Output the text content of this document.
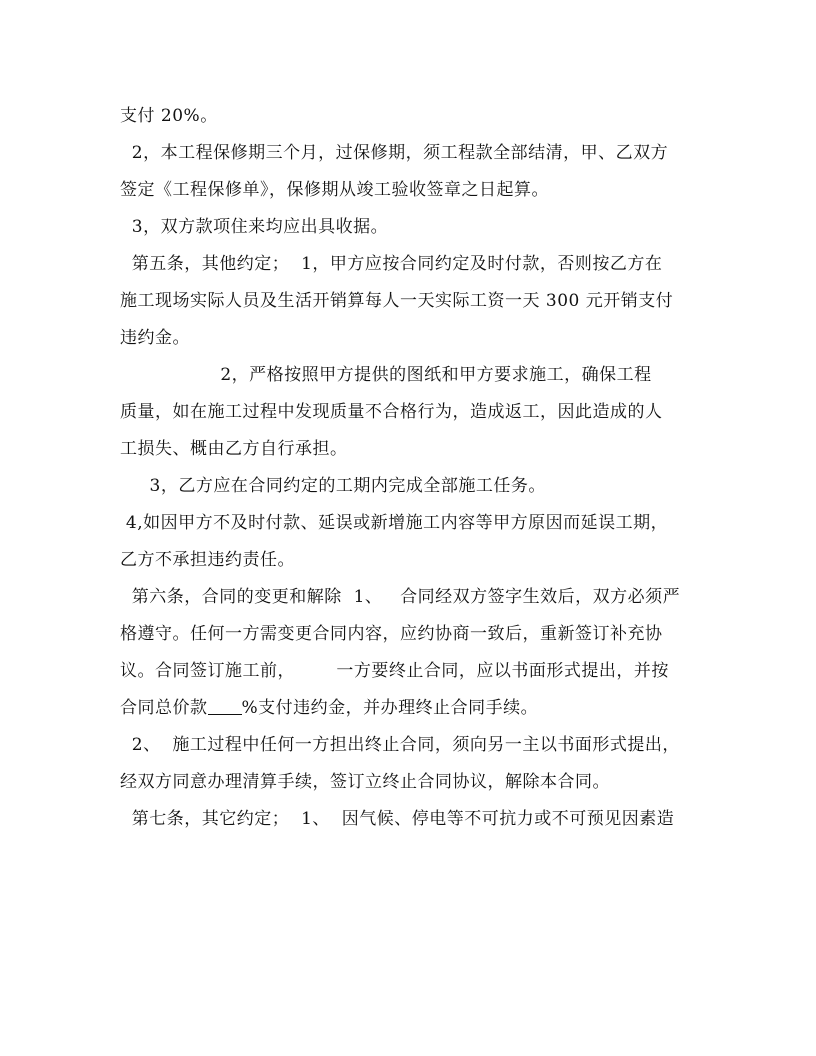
支付 20%。
2，本工程保修期三个月，过保修期，须工程款全部结清，甲、乙双方
签定《工程保修单》，保修期从竣工验收签章之日起算。
3，双方款项住来均应出具收据。
第五条，其他约定；  1，甲方应按合同约定及时付款，否则按乙方在
施工现场实际人员及生活开销算每人一天实际工资一天 300 元开销支付
违约金。
2，严格按照甲方提供的图纸和甲方要求施工，确保工程
质量，如在施工过程中发现质量不合格行为，造成返工，因此造成的人
工损失、概由乙方自行承担。
3，乙方应在合同约定的工期内完成全部施工任务。
4,如因甲方不及时付款、延误或新增施工内容等甲方原因而延误工期，
乙方不承担违约责任。
第六条，合同的变更和解除  1、   合同经双方签字生效后，双方必须严
格遵守。任何一方需变更合同内容，应约协商一致后，重新签订补充协
议。合同签订施工前，       一方要终止合同，应以书面形式提出，并按
合同总价款 %支付违约金，并办理终止合同手续。
2、  施工过程中任何一方担出终止合同，须向另一主以书面形式提出，
经双方同意办理清算手续，签订立终止合同协议，解除本合同。
第七条，其它约定；  1、  因气候、停电等不可抗力或不可预见因素造
